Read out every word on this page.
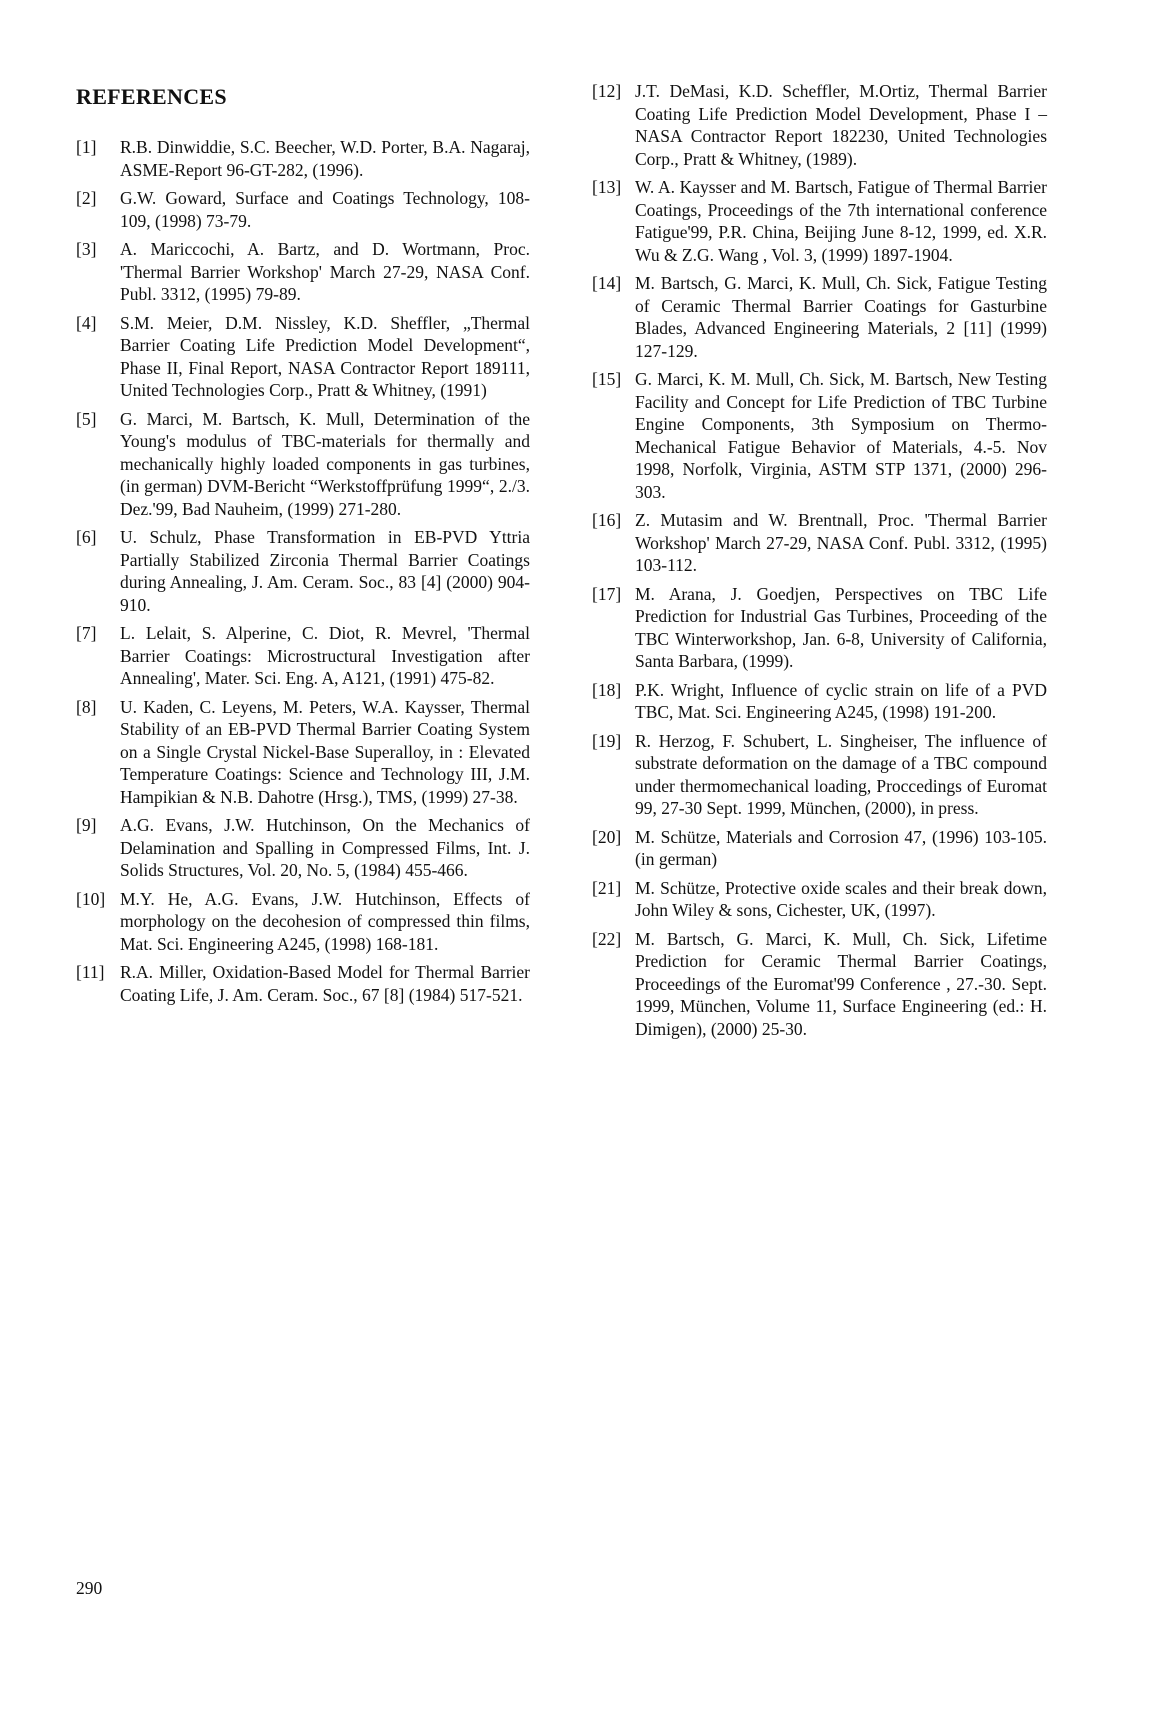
REFERENCES
[1]	R.B. Dinwiddie, S.C. Beecher, W.D. Porter, B.A. Nagaraj, ASME-Report 96-GT-282, (1996).
[2]	G.W. Goward, Surface and Coatings Technology, 108-109, (1998) 73-79.
[3]	A. Mariccochi, A. Bartz, and D. Wortmann, Proc. 'Thermal Barrier Workshop' March 27-29, NASA Conf. Publ. 3312, (1995) 79-89.
[4]	S.M. Meier, D.M. Nissley, K.D. Sheffler, „Thermal Barrier Coating Life Prediction Model Development“, Phase II, Final Report, NASA Contractor Report 189111, United Technologies Corp., Pratt & Whitney, (1991)
[5]	G. Marci, M. Bartsch, K. Mull, Determination of the Young's modulus of TBC-materials for thermally and mechanically highly loaded components in gas turbines, (in german) DVM-Bericht “Werkstoffprüfung 1999“, 2./3. Dez.'99, Bad Nauheim, (1999) 271-280.
[6]	U. Schulz, Phase Transformation in EB-PVD Yttria Partially Stabilized Zirconia Thermal Barrier Coatings during Annealing, J. Am. Ceram. Soc., 83 [4] (2000) 904-910.
[7]	L. Lelait, S. Alperine, C. Diot, R. Mevrel, 'Thermal Barrier Coatings: Microstructural Investigation after Annealing', Mater. Sci. Eng. A, A121, (1991) 475-82.
[8]	U. Kaden, C. Leyens, M. Peters, W.A. Kaysser, Thermal Stability of an EB-PVD Thermal Barrier Coating System on a Single Crystal Nickel-Base Superalloy, in : Elevated Temperature Coatings: Science and Technology III, J.M. Hampikian & N.B. Dahotre (Hrsg.), TMS, (1999) 27-38.
[9]	A.G. Evans, J.W. Hutchinson, On the Mechanics of Delamination and Spalling in Compressed Films, Int. J. Solids Structures, Vol. 20, No. 5, (1984) 455-466.
[10] M.Y. He, A.G. Evans, J.W. Hutchinson, Effects of morphology on the decohesion of compressed thin films, Mat. Sci. Engineering A245, (1998) 168-181.
[11] R.A. Miller, Oxidation-Based Model for Thermal Barrier Coating Life, J. Am. Ceram. Soc., 67 [8] (1984) 517-521.
[12] J.T. DeMasi, K.D. Scheffler, M.Ortiz, Thermal Barrier Coating Life Prediction Model Development, Phase I – NASA Contractor Report 182230, United Technologies Corp., Pratt & Whitney, (1989).
[13] W. A. Kaysser and M. Bartsch, Fatigue of Thermal Barrier Coatings, Proceedings of the 7th international conference Fatigue'99, P.R. China, Beijing June 8-12, 1999, ed. X.R. Wu & Z.G. Wang , Vol. 3, (1999) 1897-1904.
[14] M. Bartsch, G. Marci, K. Mull, Ch. Sick, Fatigue Testing of Ceramic Thermal Barrier Coatings for Gasturbine Blades, Advanced Engineering Materials, 2 [11] (1999) 127-129.
[15] G. Marci, K. M. Mull, Ch. Sick, M. Bartsch, New Testing Facility and Concept for Life Prediction of TBC Turbine Engine Components, 3th Symposium on Thermo-Mechanical Fatigue Behavior of Materials, 4.-5. Nov 1998, Norfolk, Virginia, ASTM STP 1371, (2000) 296-303.
[16] Z. Mutasim and W. Brentnall, Proc. 'Thermal Barrier Workshop' March 27-29, NASA Conf. Publ. 3312, (1995) 103-112.
[17] M. Arana, J. Goedjen, Perspectives on TBC Life Prediction for Industrial Gas Turbines, Proceeding of the TBC Winterworkshop, Jan. 6-8, University of California, Santa Barbara, (1999).
[18] P.K. Wright, Influence of cyclic strain on life of a PVD TBC, Mat. Sci. Engineering A245, (1998) 191-200.
[19] R. Herzog, F. Schubert, L. Singheiser, The influence of substrate deformation on the damage of a TBC compound under thermomechanical loading, Proccedings of Euromat 99, 27-30 Sept. 1999, München, (2000), in press.
[20] M. Schütze, Materials and Corrosion 47, (1996) 103-105. (in german)
[21] M. Schütze, Protective oxide scales and their break down, John Wiley & sons, Cichester, UK, (1997).
[22] M. Bartsch, G. Marci, K. Mull, Ch. Sick, Lifetime Prediction for Ceramic Thermal Barrier Coatings, Proceedings of the Euromat'99 Conference , 27.-30. Sept. 1999, München, Volume 11, Surface Engineering (ed.: H. Dimigen), (2000) 25-30.
290
